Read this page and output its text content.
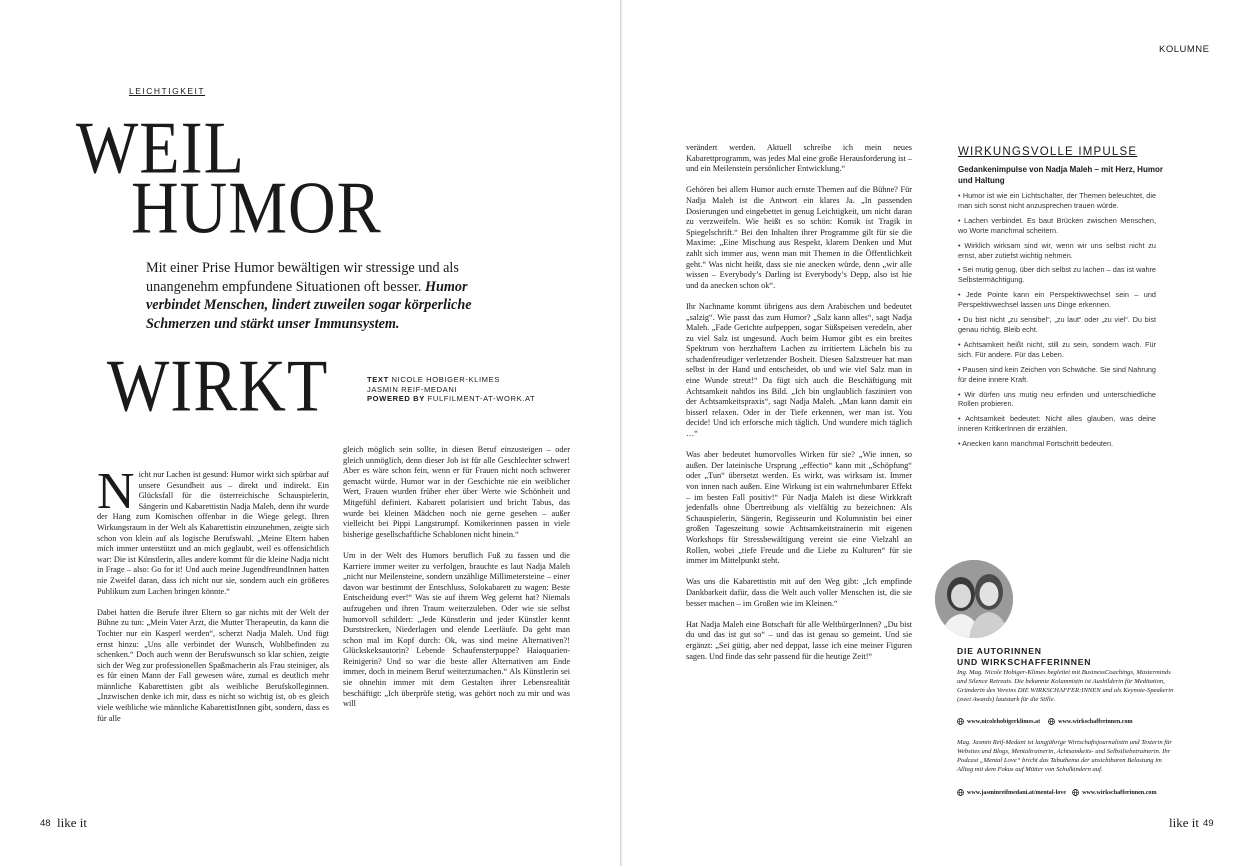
LEICHTIGKEIT
WEIL
HUMOR
Mit einer Prise Humor bewältigen wir stressige und als unangenehm empfundene Situationen oft besser. Humor verbindet Menschen, lindert zuweilen sogar körperliche Schmerzen und stärkt unser Immunsystem.
WIRKT	TEXT NICOLE HOBIGER-KLIMES
JASMIN REIF-MEDANI
POWERED BY FULFILMENT-AT-WORK.AT

Nicht nur Lachen ist gesund: Humor wirkt sich spürbar auf unsere Gesundheit aus – direkt und indirekt. Ein Glücksfall für die österreichische Schauspielerin, Sängerin und Kabarettistin Nadja Maleh, denn ihr wurde der Hang zum Komischen offenbar in die Wiege gelegt. Ihren Wirkungsraum in der Welt als Kabarettistin einzunehmen, zeigte sich schon von klein auf als logische Berufswahl. „Meine Eltern haben mich immer unterstützt und an mich geglaubt, weil es offensichtlich war: Die ist Künstlerin, alles andere kommt für die kleine Nadja nicht in Frage – also: Go for it! Und auch meine JugendfreundInnen hatten nie Zweifel daran, dass ich nicht nur sie, sondern auch ein größeres Publikum zum Lachen bringen könnte.“

Dabei hatten die Berufe ihrer Eltern so gar nichts mit der Welt der Bühne zu tun: „Mein Vater Arzt, die Mutter Therapeutin, da kann die Tochter nur ein Kasperl werden“, scherzt Nadja Maleh. Und fügt ernst hinzu: „Uns alle verbindet der Wunsch, Wohlbefinden zu schenken.“ Doch auch wenn der Berufswunsch so klar schien, zeigte sich der Weg zur professionellen Spaßmacherin als Frau steiniger, als es für einen Mann der Fall gewesen wäre, zumal es deutlich mehr männliche Kabarettisten gibt als weibliche Berufskolleginnen. „Inzwischen denke ich mir, dass es nicht so wichtig ist, ob es gleich viele weibliche wie männliche KabarettistInnen gibt, sondern, dass es für alle

gleich möglich sein sollte, in diesen Beruf einzusteigen – oder gleich unmöglich, denn dieser Job ist für alle Geschlechter schwer! Aber es wäre schon fein, wenn er für Frauen nicht noch schwerer gemacht würde. Humor war in der Geschichte nie ein weiblicher Wert, Frauen wurden früher eher über Werte wie Schönheit und Mitgefühl definiert. Kabarett polarisiert und bricht Tabus, das wurde bei kleinen Mädchen noch nie gerne gesehen – außer vielleicht bei Pippi Langstrumpf. Komikerinnen passen in viele bisherige gesellschaftliche Schablonen nicht hinein.“

Um in der Welt des Humors beruflich Fuß zu fassen und die Karriere immer weiter zu verfolgen, brauchte es laut Nadja Maleh „nicht nur Meilensteine, sondern unzählige Millimetersteine – einer davon war bestimmt der Entschluss, Solokabarett zu wagen: Beste Entscheidung ever!“ Was sie auf ihrem Weg gelernt hat? Niemals aufzugeben und ihren Traum weiterzuleben. Oder wie sie selbst humorvoll schildert: „Jede Künstlerin und jeder Künstler kennt Durststrecken, Niederlagen und elende Leerläufe. Da geht man schon mal im Kopf durch: Ok, was sind meine Alternativen?! Glückskeksautorin? Lebende Schaufensterpuppe? Haiaquarien-Reinigerin? Und so war die beste aller Alternativen am Ende immer, doch in meinem Beruf weiterzumachen.“ Als Künstlerin sei sie ohnehin immer mit dem Gestalten ihrer Lebensrealität beschäftigt: „Ich überprüfe stetig, was gehört noch zu mir und was will

48 like it
KOLUMNE

verändert werden. Aktuell schreibe ich mein neues Kabarettprogramm, was jedes Mal eine große Herausforderung ist – und ein Meilenstein persönlicher Entwicklung.“

Gehören bei allem Humor auch ernste Themen auf die Bühne? Für Nadja Maleh ist die Antwort ein klares Ja. „In passenden Dosierungen und eingebettet in genug Leichtigkeit, um nicht daran zu verzweifeln. Wie heißt es so schön: Komik ist Tragik in Spiegelschrift.“ Bei den Inhalten ihrer Programme gilt für sie die Maxime: „Eine Mischung aus Respekt, klarem Denken und Mut zahlt sich immer aus, wenn man mit Themen in die Öffentlichkeit geht.“ Was nicht heißt, dass sie nie anecken würde, denn „wir alle wissen – Everybody’s Darling ist Everybody’s Depp, also ist hie und da anecken schon ok“.

Ihr Nachname kommt übrigens aus dem Arabischen und bedeutet „salzig“. Wie passt das zum Humor? „Salz kann alles“, sagt Nadja Maleh. „Fade Gerichte aufpeppen, sogar Süßspeisen veredeln, aber zu viel Salz ist ungesund. Auch beim Humor gibt es ein breites Spektrum von herzhaftem Lachen zu irritiertem Lächeln bis zu schadenfreudiger verletzender Bosheit. Diesen Salzstreuer hat man selbst in der Hand und entscheidet, ob und wie viel Salz man in eine Wunde streut!“ Da fügt sich auch die Beschäftigung mit Achtsamkeit nahtlos ins Bild. „Ich bin unglaublich fasziniert von der Achtsamkeitspraxis“, sagt Nadja Maleh. „Man kann damit ein bisserl relaxen. Oder in der Tiefe erkennen, wer man ist. You decide! Und ich erforsche mich täglich. Und wundere mich täglich …“

Was aber bedeutet humorvolles Wirken für sie? „Wie innen, so außen. Der lateinische Ursprung „effectio“ kann mit „Schöpfung“ oder „Tun“ übersetzt werden. Es wirkt, was wirksam ist. Immer von innen nach außen. Eine Wirkung ist ein wahrnehmbarer Effekt – im besten Fall positiv!“ Für Nadja Maleh ist diese Wirkkraft jedenfalls ohne Übertreibung als vielfältig zu bezeichnen: Als Schauspielerin, Sängerin, Regisseurin und Kolumnistin bei einer großen Tageszeitung sowie Achtsamkeitstrainerin mit eigenen Workshops für Stressbewältigung vereint sie eine Vielzahl an Rollen, wobei „tiefe Freude und die Liebe zu Kulturen“ für sie immer im Mittelpunkt steht.

Was uns die Kabarettistin mit auf den Weg gibt: „Ich empfinde Dankbarkeit dafür, dass die Welt auch voller Menschen ist, die sie besser machen – im Großen wie im Kleinen.“

Hat Nadja Maleh eine Botschaft für alle WeltbürgerInnen? „Du bist du und das ist gut so“ – und das ist genau so gemeint. Und sie ergänzt: „Sei gütig, aber ned deppat, lasse ich eine meiner Figuren sagen. Und finde das sehr passend für die heutige Zeit!“

WIRKUNGSVOLLE IMPULSE
Gedankenimpulse von Nadja Maleh – mit Herz, Humor und Haltung
• Humor ist wie ein Lichtschalter, der Themen beleuchtet, die man sich sonst nicht anzusprechen trauen würde.
• Lachen verbindet. Es baut Brücken zwischen Menschen, wo Worte manchmal scheitern.
• Wirklich wirksam sind wir, wenn wir uns selbst nicht zu ernst, aber zutiefst wichtig nehmen.
• Sei mutig genug, über dich selbst zu lachen – das ist wahre Selbstermächtigung.
• Jede Pointe kann ein Perspektivwechsel sein – und Perspektivwechsel lassen uns Dinge erkennen.
• Du bist nicht „zu sensibel“, „zu laut“ oder „zu viel“. Du bist genau richtig. Bleib echt.
• Achtsamkeit heißt nicht, still zu sein, sondern wach. Für sich. Für andere. Für das Leben.
• Pausen sind kein Zeichen von Schwäche. Sie sind Nahrung für deine innere Kraft.
• Wir dürfen uns mutig neu erfinden und unterschiedliche Rollen probieren.
• Achtsamkeit bedeutet: Nicht alles glauben, was deine inneren KritikerInnen dir erzählen.
• Anecken kann manchmal Fortschritt bedeuten.
DIE AUTORINNEN
UND WIRKSCHAFFERINNEN
Ing. Mag. Nicole Hobiger-Klimes begleitet mit BusinessCoachings, Masterminds und Silence Retreats. Die bekannte Kolumnistin ist Ausbilderin für Meditation, Gründerin des Vereins DIE WIRKSCHAFFER:INNEN und als Keynote-Speakerin (zwei Awards) lautstark für die Stille.
www.nicolehobigerklimes.at	www.wirkschafferinnen.com
Mag. Jasmin Reif-Medani ist langjährige Wirtschaftsjournalistin und Texterin für Websites und Blogs, Mentaltrainerin, Achtsamkeits- und Selbstliebetrainerin. Ihr Podcast „Mental Love“ bricht das Tabuthema der unsichtbaren Belastung im Alltag mit dem Fokus auf Mütter von Schulkindern auf.
www.jasminreifmedani.at/mental-love	www.wirkschafferinnen.com
like it 49
